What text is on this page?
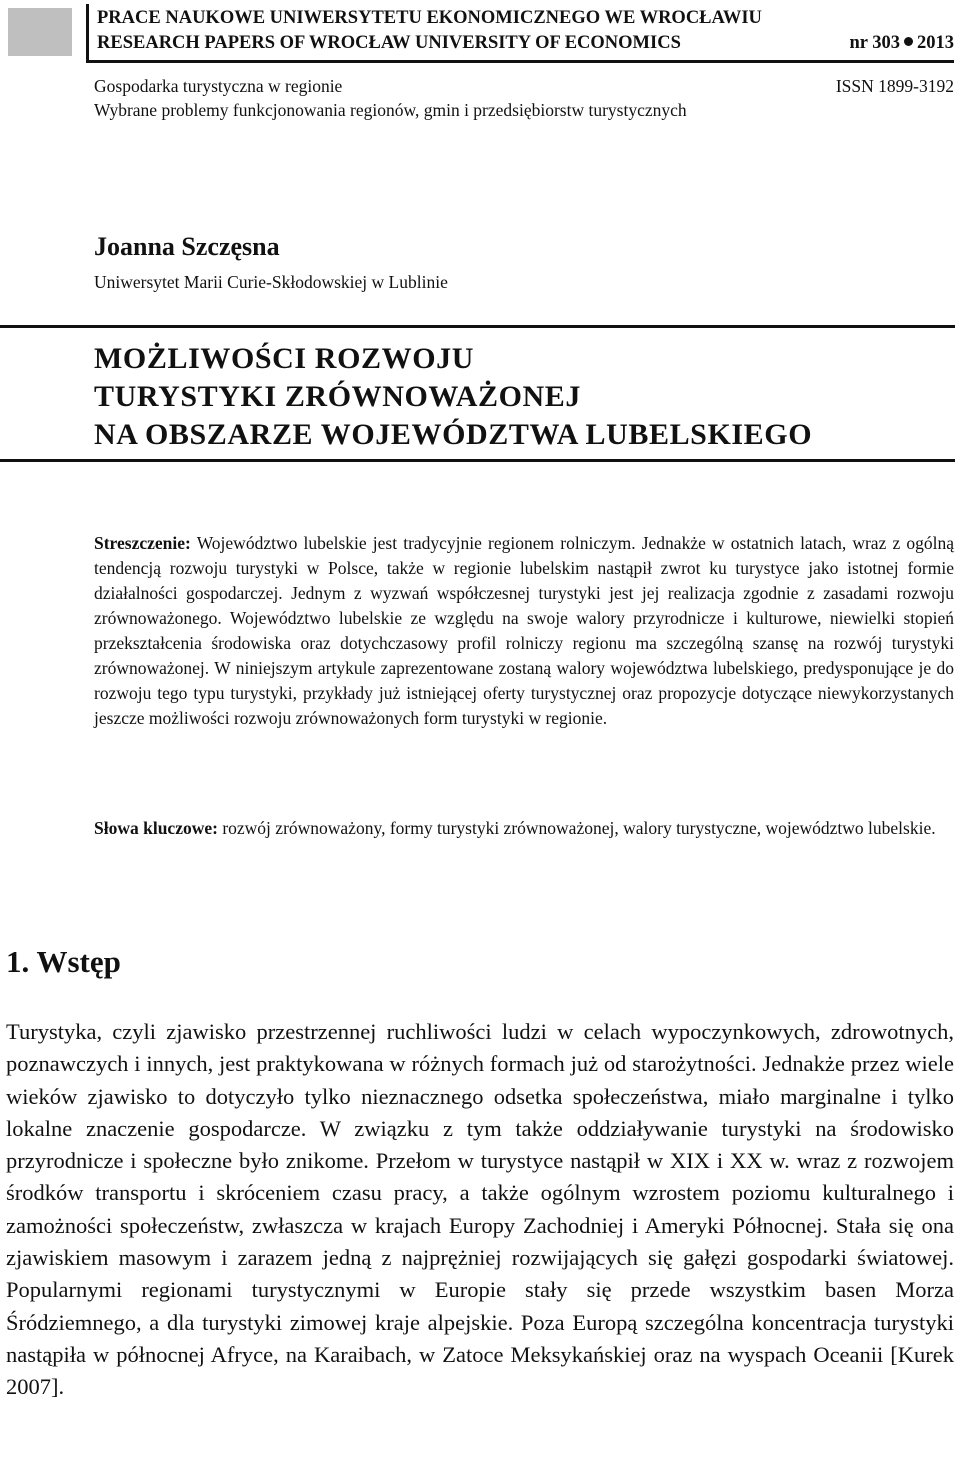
PRACE NAUKOWE UNIWERSYTETU EKONOMICZNEGO WE WROCŁAWIU
RESEARCH PAPERS OF WROCŁAW UNIVERSITY OF ECONOMICS	nr 303 2013
Gospodarka turystyczna w regionie	ISSN 1899-3192
Wybrane problemy funkcjonowania regionów, gmin i przedsiębiorstw turystycznych
Joanna Szczęsna
Uniwersytet Marii Curie-Skłodowskiej w Lublinie
MOŻLIWOŚCI ROZWOJU
TURYSTYKI ZRÓWNOWAŻONEJ
NA OBSZARZE WOJEWÓDZTWA LUBELSKIEGO
Streszczenie: Województwo lubelskie jest tradycyjnie regionem rolniczym. Jednakże w ostatnich latach, wraz z ogólną tendencją rozwoju turystyki w Polsce, także w regionie lubelskim nastąpił zwrot ku turystyce jako istotnej formie działalności gospodarczej. Jednym z wyzwań współczesnej turystyki jest jej realizacja zgodnie z zasadami rozwoju zrównoważonego. Województwo lubelskie ze względu na swoje walory przyrodnicze i kulturowe, niewielki stopień przekształcenia środowiska oraz dotychczasowy profil rolniczy regionu ma szczególną szansę na rozwój turystyki zrównoważonej. W niniejszym artykule zaprezentowane zostaną walory województwa lubelskiego, predysponujące je do rozwoju tego typu turystyki, przykłady już istniejącej oferty turystycznej oraz propozycje dotyczące niewykorzystanych jeszcze możliwości rozwoju zrównoważonych form turystyki w regionie.
Słowa kluczowe: rozwój zrównoważony, formy turystyki zrównoważonej, walory turystyczne, województwo lubelskie.
1. Wstęp
Turystyka, czyli zjawisko przestrzennej ruchliwości ludzi w celach wypoczynkowych, zdrowotnych, poznawczych i innych, jest praktykowana w różnych formach już od starożytności. Jednakże przez wiele wieków zjawisko to dotyczyło tylko nieznacznego odsetka społeczeństwa, miało marginalne i tylko lokalne znaczenie gospodarcze. W związku z tym także oddziaływanie turystyki na środowisko przyrodnicze i społeczne było znikome. Przełom w turystyce nastąpił w XIX i XX w. wraz z rozwojem środków transportu i skróceniem czasu pracy, a także ogólnym wzrostem poziomu kulturalnego i zamożności społeczeństw, zwłaszcza w krajach Europy Zachodniej i Ameryki Północnej. Stała się ona zjawiskiem masowym i zarazem jedną z najprężniej rozwijających się gałęzi gospodarki światowej. Popularnymi regionami turystycznymi w Europie stały się przede wszystkim basen Morza Śródziemnego, a dla turystyki zimowej kraje alpejskie. Poza Europą szczególna koncentracja turystyki nastąpiła w północnej Afryce, na Karaibach, w Zatoce Meksykańskiej oraz na wyspach Oceanii [Kurek 2007].
